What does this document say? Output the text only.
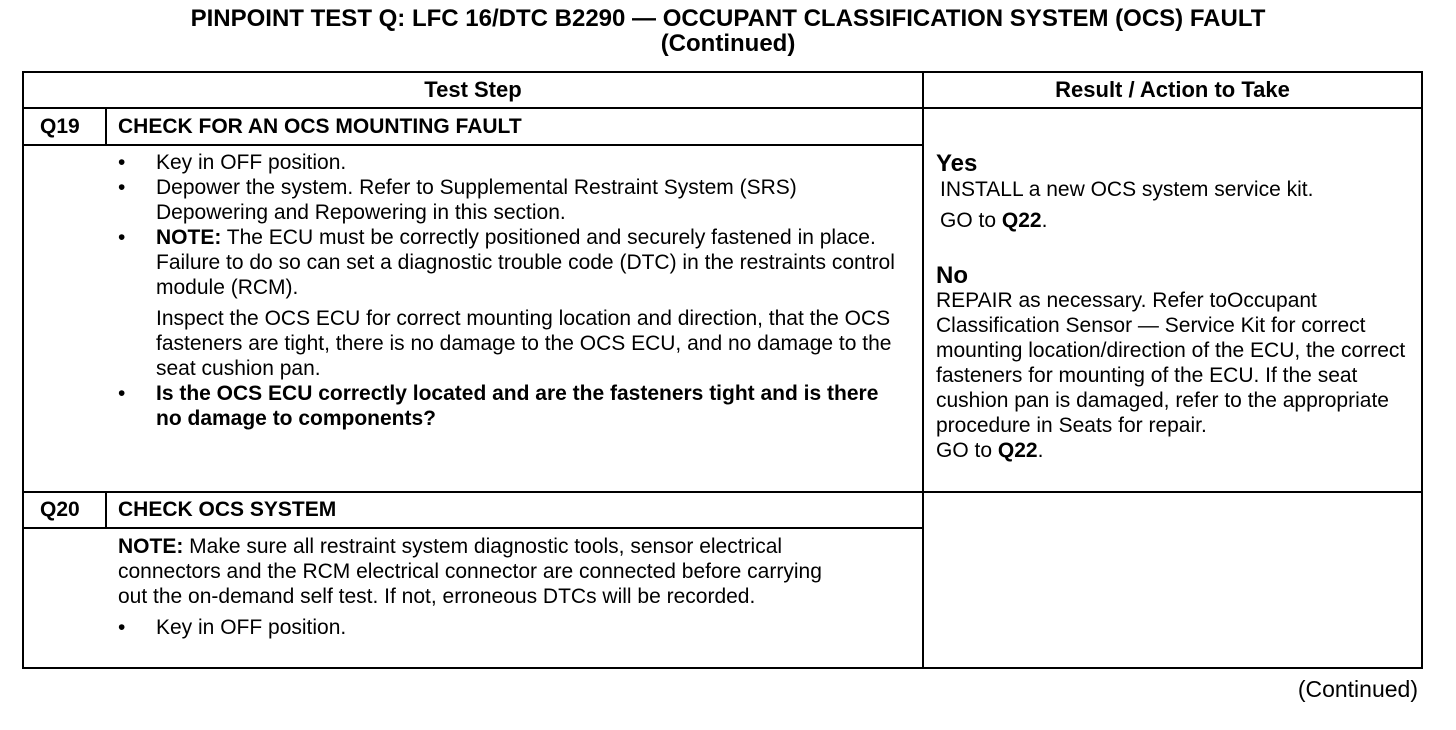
PINPOINT TEST Q: LFC 16/DTC B2290 — OCCUPANT CLASSIFICATION SYSTEM (OCS) FAULT
(Continued)
Test Step	Result / Action to Take
Q19 CHECK FOR AN OCS MOUNTING FAULT
• Key in OFF position.
• Depower the system. Refer to Supplemental Restraint System (SRS) Depowering and Repowering in this section.
• NOTE: The ECU must be correctly positioned and securely fastened in place. Failure to do so can set a diagnostic trouble code (DTC) in the restraints control module (RCM).
Inspect the OCS ECU for correct mounting location and direction, that the OCS fasteners are tight, there is no damage to the OCS ECU, and no damage to the seat cushion pan.
• Is the OCS ECU correctly located and are the fasteners tight and is there no damage to components?
Yes
INSTALL a new OCS system service kit.
GO to Q22.
No
REPAIR as necessary. Refer toOccupant Classification Sensor — Service Kit for correct mounting location/direction of the ECU, the correct fasteners for mounting of the ECU. If the seat cushion pan is damaged, refer to the appropriate procedure in Seats for repair.
GO to Q22.
Q20 CHECK OCS SYSTEM
NOTE: Make sure all restraint system diagnostic tools, sensor electrical connectors and the RCM electrical connector are connected before carrying out the on-demand self test. If not, erroneous DTCs will be recorded.
• Key in OFF position.
(Continued)
